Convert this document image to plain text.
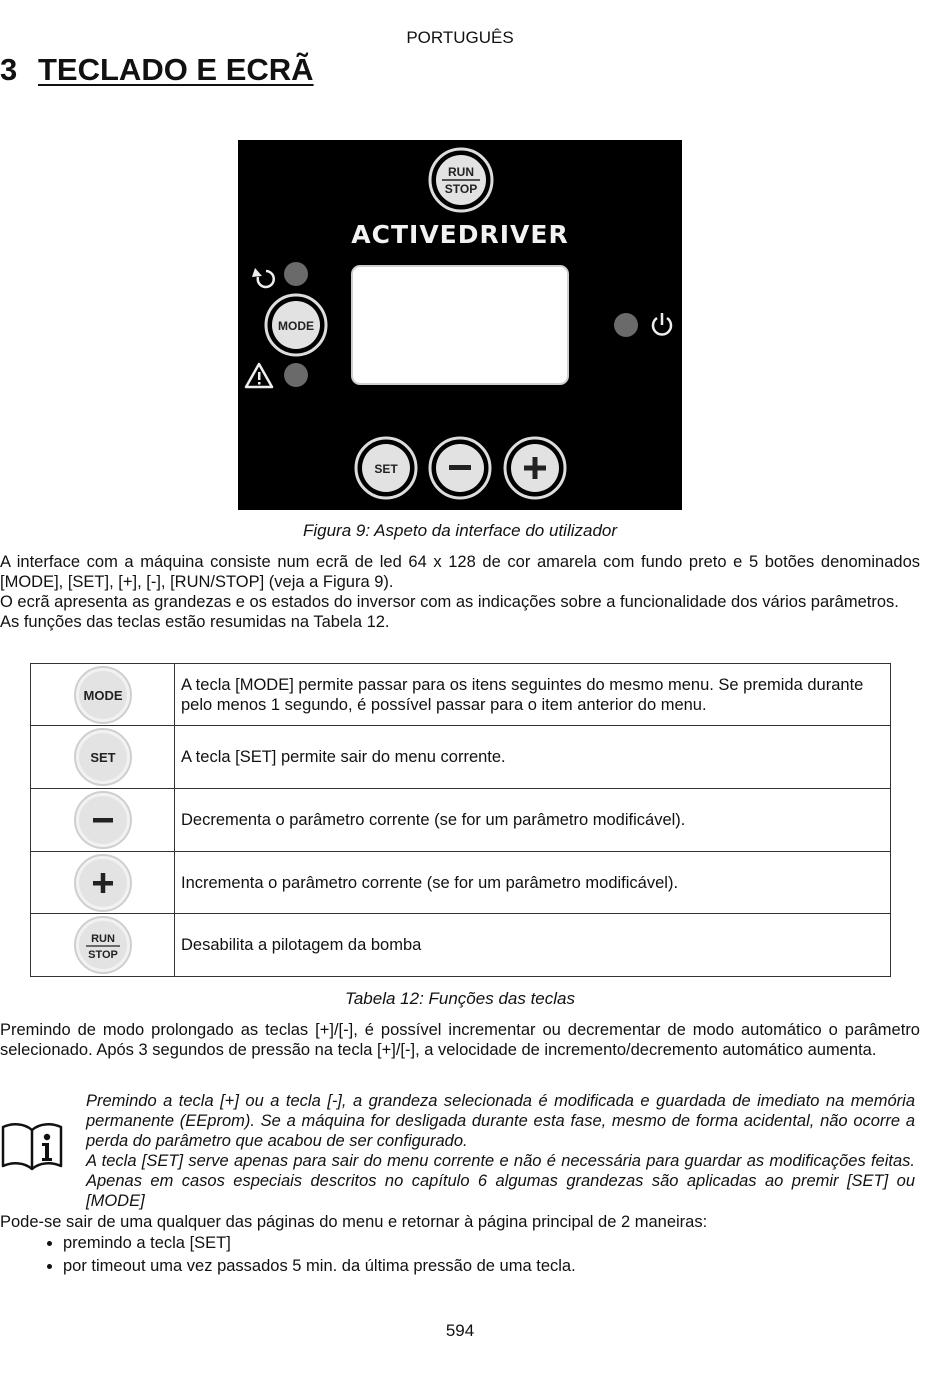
PORTUGUÊS
3 TECLADO E ECRÃ
RUN
STOP
ACTIVEDRIVER
MODE
SET
Figura 9: Aspeto da interface do utilizador

A interface com a máquina consiste num ecrã de led 64 x 128 de cor amarela com fundo preto e 5 botões denominados [MODE], [SET], [+], [-], [RUN/STOP] (veja a Figura 9).

O ecrã apresenta as grandezas e os estados do inversor com as indicações sobre a funcionalidade dos vários parâmetros.

As funções das teclas estão resumidas na Tabela 12.

MODE	A tecla [MODE] permite passar para os itens seguintes do mesmo menu. Se premida durante pelo menos 1 segundo, é possível passar para o item anterior do menu.

SET	A tecla [SET] permite sair do menu corrente.

	Decrementa o parâmetro corrente (se for um parâmetro modificável).

	Incrementa o parâmetro corrente (se for um parâmetro modificável).

RUN
STOP	Desabilita a pilotagem da bomba
Tabela 12: Funções das teclas

Premindo de modo prolongado as teclas [+]/[-], é possível incrementar ou decrementar de modo automático o parâmetro selecionado. Após 3 segundos de pressão na tecla [+]/[-], a velocidade de incremento/decremento automático aumenta.

Premindo a tecla [+] ou a tecla [-], a grandeza selecionada é modificada e guardada de imediato na memória permanente (EEprom). Se a máquina for desligada durante esta fase, mesmo de forma acidental, não ocorre a perda do parâmetro que acabou de ser configurado.

A tecla [SET] serve apenas para sair do menu corrente e não é necessária para guardar as modificações feitas. Apenas em casos especiais descritos no capítulo 6 algumas grandezas são aplicadas ao premir [SET] ou [MODE]

Pode-se sair de uma qualquer das páginas do menu e retornar à página principal de 2 maneiras:
• premindo a tecla [SET]
• por timeout uma vez passados 5 min. da última pressão de uma tecla.
594
